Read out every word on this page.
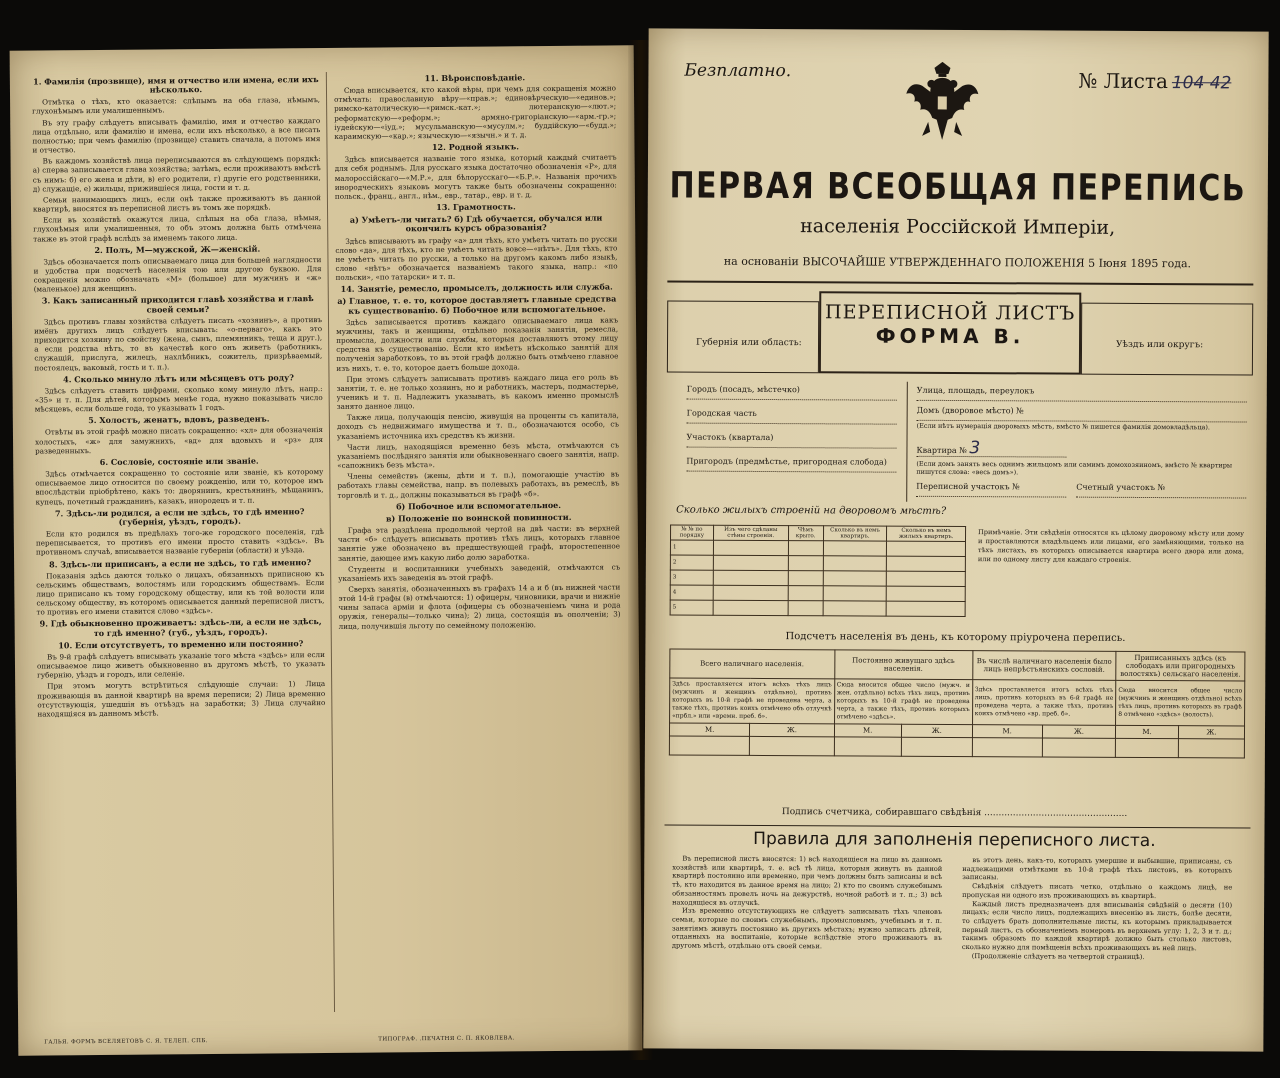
1. Фамилія (прозвище), имя и отчество или имена, если ихъ нѣсколько.

Отмѣтка о тѣхъ, кто оказается: слѣпымъ на оба глаза, нѣмымъ, глухонѣмымъ или умалишеннымъ.

Въ эту графу слѣдуетъ вписывать фамилію, имя и отчество каждаго лица отдѣльно, или фамилію и имена, если ихъ нѣсколько, а все писать полностью; при чемъ фамилію (прозвище) ставить сначала, а потомъ имя и отчество.

Въ каждомъ хозяйствѣ лица переписываются въ слѣдующемъ порядкѣ: а) сперва записывается глава хозяйства; затѣмъ, если проживаютъ вмѣстѣ съ нимъ: б) его жена и дѣти, в) его родители, г) другіе его родственники, д) служащіе, е) жильцы, прижившіеся лица, гости и т. д.

Семьи нанимающихъ лицъ, если онѣ также проживаютъ въ данной квартирѣ, вносятся въ переписной листъ въ томъ же порядкѣ.

Если въ хозяйствѣ окажутся лица, слѣпыя на оба глаза, нѣмыя, глухонѣмыя или умалишенныя, то объ этомъ должна быть отмѣчена также въ этой графѣ вслѣдъ за именемъ такого лица.

2. Полъ, М—мужской, Ж—женскій.

Здѣсь обозначается полъ описываемаго лица для большей наглядности и удобства при подсчетѣ населенія тою или другою буквою. Для сокращенія можно обозначать «М» (большое) для мужчинъ и «ж» (маленькое) для женщинъ.

3. Какъ записанный приходится главѣ хозяйства и главѣ своей семьи?

Здѣсь противъ главы хозяйства слѣдуетъ писать «хозяинъ», а противъ имёнъ другихъ лицъ слѣдуетъ вписывать: «о-перваго», какъ это приходится хозяину по свойству (жена, сынъ, племянникъ, теща и друг.), а если родства нѣтъ, то въ качествѣ кого онъ живетъ (работникъ, служащій, прислуга, жилецъ, нахлѣбникъ, сожитель, призрѣваемый, постоялецъ, ваковый, гость и т. п.).

4. Сколько минуло лѣтъ или мѣсяцевъ отъ роду?

Здѣсь слѣдуетъ ставить цифрами, сколько кому минуло лѣтъ, напр.: «35» и т. п. Для дѣтей, которымъ менѣе года, нужно показывать число мѣсяцевъ, если больше года, то указывать 1 годъ.

5. Холостъ, женатъ, вдовъ, разведенъ.

Отвѣты въ этой графѣ можно писать сокращенно: «хл» для обозначенія холостыхъ, «ж» для замужнихъ, «вд» для вдовыхъ и «рз» для разведенныхъ.

6. Сословіе, состояніе или званіе.

Здѣсь отмѣчается сокращенно то состояніе или званіе, къ которому описываемое лицо относится по своему рожденію, или то, которое имъ впослѣдствіи пріобрѣтено, какъ то: дворянинъ, крестьянинъ, мѣщанинъ, купецъ, почетный гражданинъ, казакъ, инородецъ и т. п.

7. Здѣсь-ли родился, а если не здѣсь, то гдѣ именно? (губернія, уѣздъ, городъ).

Если кто родился въ предѣлахъ того-же городского поселенія, гдѣ переписывается, то противъ его имени просто ставить «здѣсь». Въ противномъ случаѣ, вписывается названіе губерніи (области) и уѣзда.

8. Здѣсь-ли приписанъ, а если не здѣсь, то гдѣ именно?

Показанія здѣсь даются только о лицахъ, обязанныхъ приписною къ сельскимъ обществамъ, волостямъ или городскимъ обществамъ. Если лицо приписано къ тому городскому обществу, или къ той волости или сельскому обществу, въ которомъ описывается данный переписной листъ, то противъ его имени ставится слово «здѣсь».

9. Гдѣ обыкновенно проживаетъ: здѣсь-ли, а если не здѣсь, то гдѣ именно? (губ., уѣздъ, городъ).
10. Если отсутствуетъ, то временно или постоянно?

Въ 9-й графѣ слѣдуетъ вписывать указаніе того мѣста «здѣсь» или если описываемое лицо живетъ обыкновенно въ другомъ мѣстѣ, то указать губернію, уѣздъ и городъ, или селеніе.

При этомъ могутъ встрѣтиться слѣдующіе случаи: 1) Лица проживающія въ данной квартирѣ на время переписи; 2) Лица временно отсутствующія, ушедшія въ отъѣздъ на заработки; 3) Лица случайно находящіяся въ данномъ мѣстѣ.

11. Вѣроисповѣданіе.

Сюда вписывается, кто какой вѣры, при чемъ для сокращенія можно отмѣчать: православную вѣру—«прав.»; единовѣрческую—«единов.»; римско-католическую—«римск.-кат.»; лютеранскую—«лют.»; реформатскую—«реформ.»; армяно-григоріанскую—«арм.-гр.»; іудейскую—«іуд.»; мусульманскую—«мусулм.»; буддійскую—«будд.»; караимскую—«кар.»; языческую—«язычн.» и т. д.

12. Родной языкъ.

Здѣсь вписывается названіе того языка, который каждый считаетъ для себя роднымъ. Для русскаго языка достаточно обозначенія «Р», для малороссійскаго—«М.Р.», для бѣлорусскаго—«Б.Р.». Названія прочихъ инородческихъ языковъ могутъ также быть обозначены сокращенно: польск., франц., англ., нѣм., евр., татар., евр. и т. д.

13. Грамотность.
а) Умѣетъ-ли читать? б) Гдѣ обучается, обучался или окончилъ курсъ образованія?

Здѣсь вписываютъ въ графу «а» для тѣхъ, кто умѣетъ читать по русски слово «да», для тѣхъ, кто не умѣетъ читать вовсе—«нѣтъ». Для тѣхъ, кто не умѣетъ читать по русски, а только на другомъ какомъ либо языкѣ, слово «нѣтъ» обозначается названіемъ такого языка, напр.: «по польски», «по татарски» и т. п.

14. Занятіе, ремесло, промыселъ, должность или служба.
а) Главное, т. е. то, которое доставляетъ главные средства къ существованію. б) Побочное или вспомогательное.

Здѣсь записывается противъ каждаго описываемаго лица какъ мужчины, такъ и женщины, отдѣльно показанія занятія, ремесла, промысла, должности или службы, которыя доставляютъ этому лицу средства къ существованію. Если кто имѣетъ нѣсколько занятій для полученія заработковъ, то въ этой графѣ должно быть отмѣчено главное изъ нихъ, т. е. то, которое даетъ больше дохода.

При этомъ слѣдуетъ записывать противъ каждаго лица его роль въ занятіи, т. е. не только хозяинъ, но и работникъ, мастеръ, подмастерье, ученикъ и т. п. Надлежитъ указывать, въ какомъ именно промыслѣ занято данное лицо.

Также лица, получающія пенсію, живущія на проценты съ капитала, доходъ съ недвижимаго имущества и т. п., обозначаются особо, съ указаніемъ источника ихъ средствъ къ жизни.

Части лицъ, находящіяся временно безъ мѣста, отмѣчаются съ указаніемъ послѣдняго занятія или обыкновеннаго своего занятія, напр. «сапожникъ безъ мѣста».

Члены семействъ (жены, дѣти и т. п.), помогающіе участію въ работахъ главы семейства, напр. въ полевыхъ работахъ, въ ремеслѣ, въ торговлѣ и т. д., должны показываться въ графѣ «б».

б) Побочное или вспомогательное.
в) Положеніе по воинской повинности.

Графа эта раздѣлена продольной чертой на двѣ части: въ верхней части «б» слѣдуетъ вписывать противъ тѣхъ лицъ, которыхъ главное занятіе уже обозначено въ предшествующей графѣ, второстепенное занятіе, дающее имъ какую либо долю заработка.

Студенты и воспитанники учебныхъ заведеній, отмѣчаются съ указаніемъ ихъ заведенія въ этой графѣ.

Сверхъ занятія, обозначенныхъ въ графахъ 14 а и б (въ нижней части этой 14-й графы (в) отмѣчаются: 1) офицеры, чиновники, врачи и нижніе чины запаса арміи и флота (офицеры съ обозначеніемъ чина и рода оружія, генералы—только чина); 2) лица, состоящія въ ополченіи; 3) лица, получившія льготу по семейному положенію.

ГАЛЬЯ. ФОРМЪ ВСЕЛЯЕТОВЪ С. Я. ТЕЛЕП. СПБ.	ТИПОГРАФ. .ПЕЧАТНЯ С. П. ЯКОВЛЕВА.
Безплатно.	№ Листа 104 42
ПЕРВАЯ ВСЕОБЩАЯ ПЕРЕПИСЬ
населенія Россійской Имперіи,
на основаніи ВЫСОЧАЙШЕ УТВЕРЖДЕННАГО ПОЛОЖЕНІЯ 5 Іюня 1895 года.
Губернія или область:
ПЕРЕПИСНОЙ ЛИСТЪ
ФОРМА В.	Уѣздъ или округъ:
Городъ (посадъ, мѣстечко)
Городская часть
Участокъ (квартала)
Пригородъ (предмѣстье, пригородная слобода)
Улица, площадь, переулокъ
Домъ (дворовое мѣсто) №
(Если нѣтъ нумерація дворовыхъ мѣстъ, вмѣсто № пишется фамилія домовладѣльца).
Квартира № 3
(Если домъ занять весь однимъ жильцомъ или самимъ домохозяиномъ, вмѣсто № квартиры пишутся слова: «весь домъ»).
Переписной участокъ №	Счетный участокъ №
Сколько жилыхъ строеній на дворовомъ мѣстѣ?
№ № по порядку	Изъ чего сдѣланы стѣны строенія.	Чѣмъ крыто.	Сколько въ немъ квартиръ.	Сколько въ немъ жилыхъ квартиръ.
1				
2				
3				
4				
5				
Примѣчаніе. Эти свѣдѣнія относятся къ цѣлому дворовому мѣсту или дому и проставляются владѣльцемъ или лицами, его замѣняющими, только на тѣхъ листахъ, въ которыхъ описывается квартира всего двора или дома, или по одному листу для каждаго строенія.
Подсчетъ населенія въ день, къ которому пріурочена перепись.
Всего наличнаго населенія.		Постоянно живущаго здѣсь населенія.		Въ числѣ наличнаго населенія было лицъ непрѣстъянскихъ сословій.		Приписанныхъ здѣсь (къ слободахъ или пригородныхъ волостяхъ) сельскаго населенія.	
Здѣсь проставляется итогъ всѣхъ тѣхъ лицъ (мужчинъ и женщинъ отдѣльно), противъ которыхъ въ 10-й графѣ не проведена черта, а также тѣхъ, противъ коихъ отмѣчено объ отлучкѣ «прбл.» или «времн. преб. б».		Сюда вносится общее число (мужч. и жен. отдѣльно) всѣхъ тѣхъ лицъ, противъ которыхъ въ 10-й графѣ не проведена черта, а также тѣхъ, противъ которыхъ отмѣчено «здѣсь».		Здѣсь проставляется итогъ всѣхъ тѣхъ лицъ, противъ которыхъ въ 6-й графѣ не проведена черта, а также тѣхъ, противъ коихъ отмѣчено «вр. преб. б».		Сюда вносится общее число (мужчинъ и женщинъ отдѣльно) всѣхъ тѣхъ лицъ, противъ которыхъ въ графѣ 8 отмѣчено «здѣсь» (волость).	
М.	Ж.	М.	Ж.	М.	Ж.	М.	Ж.

Подпись счетчика, собиравшаго свѣдѣнія ..................................................
Правила для заполненія переписного листа.

Въ переписной листъ вносятся: 1) всѣ находящіеся на лицо въ данномъ хозяйствѣ или квартирѣ, т. е. всѣ тѣ лица, которыя живутъ въ данной квартирѣ постоянно или временно, при чемъ должны быть записаны и всѣ тѣ, кто находится въ данное время на лицо; 2) кто по своимъ служебнымъ обязанностямъ провелъ ночь на дежурствѣ, ночной работѣ и т. п.; 3) всѣ находящіеся въ отлучкѣ.

Изъ временно отсутствующихъ не слѣдуетъ записывать тѣхъ членовъ семьи, которые по своимъ служебнымъ, промысловымъ, учебнымъ и т. п. занятіямъ живутъ постоянно въ другихъ мѣстахъ; нужно записать дѣтей, отданныхъ на воспитаніе, которые вслѣдствіе этого проживаютъ въ другомъ мѣстѣ, отдѣльно отъ своей семьи.

въ этотъ день, какъ-то, которыхъ умершие и выбывшие, приписаны, съ надлежащими отмѣтками въ 10-й графѣ тѣхъ листовъ, въ которыхъ записаны.

Свѣдѣнія слѣдуетъ писать четко, отдѣльно о каждомъ лицѣ, не пропуская ни одного изъ проживающихъ въ квартирѣ.

Каждый листъ предназначенъ для вписыванія свѣдѣній о десяти (10) лицахъ; если число лицъ, подлежащихъ внесенію въ листъ, болѣе десяти, то слѣдуетъ брать дополнительные листы, къ которымъ прикладывается первый листъ, съ обозначеніемъ номеровъ въ верхнемъ углу: 1, 2, 3 и т. д.; такимъ образомъ по каждой квартирѣ должно быть столько листовъ, сколько нужно для помѣщенія всѣхъ проживающихъ въ ней лицъ.

(Продолженіе слѣдуетъ на четвертой страницѣ).
